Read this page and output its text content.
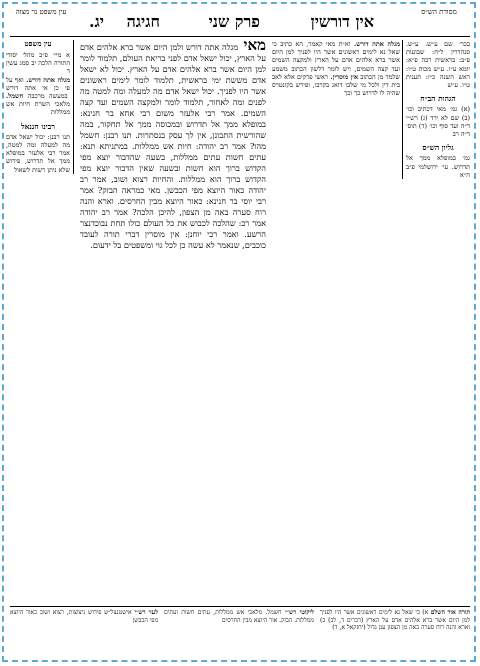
מסורת הש״ס
אין דורשין
פרק שני
חגיגה
יג.
עין משפט נר מצוה
בכר׳ שם ע״ש. ע״ש. סנהדרין ל״ח: שבועות פ״ב: בראשית רבה פ״א: יומא ע״ו. ע״ש מכות ט״ו: ראש השנה כ״ז: תענית ט״ו. ע״ש
הגהות הב״ח
(א) גמ׳ מאי דכתיב וכו׳ (ב) שם לא ירד (ג) רש״י ד״ה ועד סוף וכו׳ (ד) תוס׳ ד״ה רב
גליון הש״ס
גמ׳ במופלא ממך אל תדרוש. עי׳ ירושלמי פ״ב ה״א
מגלה אתה דורש. וא״ת מאי קאמר, הא כתיב כי שאל נא לימים ראשונים אשר היו לפניך למן היום אשר ברא אלהים אדם על הארץ ולמקצה השמים ועד קצה השמים, ויש לומר דלשון הכתוב משמע שלמד מן הכתוב אין מוסרין. ראשי פרקים אלא לאב בית דין ולכל מי שלבו דואג בקרבו, ופירש בקונטרס שהיה לו לדרוש כך וכך
מאי מגלה אתה דורש ולמן היום אשר ברא אלהים אדם על הארץ, יכול ישאל אדם לפני בריאת העולם, תלמוד לומר למן היום אשר ברא אלהים אדם על הארץ. יכול לא ישאל אדם מששת ימי בראשית, תלמוד לומר לימים ראשונים אשר היו לפניך. יכול ישאל אדם מה למעלה ומה למטה מה לפנים ומה לאחור, תלמוד לומר ולמקצה השמים ועד קצה השמים. אמר רבי אלעזר משום רבי אחא בר חנינא: במופלא ממך אל תדרוש ובמכוסה ממך אל תחקור, במה שהורשית התבונן, אין לך עסק בנסתרות. תנו רבנן: חשמל מהו? אמר רב יהודה: חיות אש ממללות. במתניתא תנא: עתים חשות עתים ממללות, בשעה שהדבור יוצא מפי הקדוש ברוך הוא חשות ובשעה שאין הדבור יוצא מפי הקדוש ברוך הוא ממללות. והחיות רצוא ושוב, אמר רב יהודה כאור היוצא מפי הכבשן. מאי כמראה הבזק? אמר רבי יוסי בר חנינא: כאור היוצא מבין החרסים. וארא והנה רוח סערה באה מן הצפון, להיכן הלכה? אמר רב יהודה אמר רב: שהלכה לכבוש את כל העולם כולו תחת נבוכדנצר הרשע. ואמר רבי יוחנן: אין מוסרין דברי תורה לעובד כוכבים, שנאמר לא עשה כן לכל גוי ומשפטים בל ידעום.
עין משפט
א מיי׳ פ״ב מהל׳ יסודי התורה הלכה יב סמג עשין ד
מגלה אתה דורש. ואף על פי כן אי אתה דורש במעשה מרכבה חשמל. מלאכי השרת חיות אש ממללות
רבינו חננאל
תנו רבנן: יכול ישאל אדם מה למעלה ומה למטה, אמר רבי אלעזר במופלא ממך אל תדרוש, פירוש שלא ניתן רשות לשאול
תורה אור השלם א) כי שאל נא לימים ראשונים אשר היו לפניך למן היום אשר ברא אלהים אדם על הארץ (דברים ד, לב) ב) וארא והנה רוח סערה באה מן הצפון ענן גדול (יחזקאל א, ד)
ליקוטי רש״י חשמל. מלאכי אש ממללות, עתים חשות ועתים ממללות. הבזק. אור היוצא מבין החרסים
לעזי רש״י אישטנצל״ש פירוש ניצוצות, רצוא ושוב כאור היוצא מפי הכבשן
